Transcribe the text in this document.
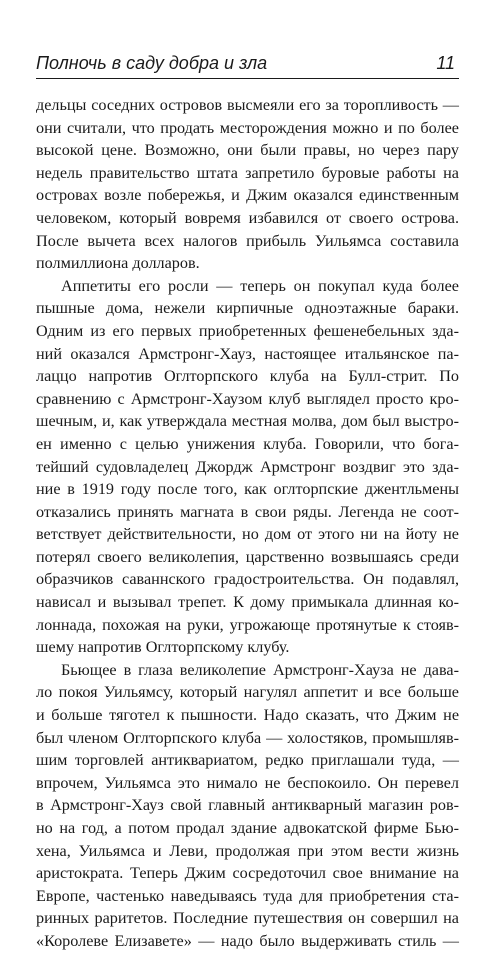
Полночь в саду добра и зла	11
дельцы соседних островов высмеяли его за торопливость —
они считали, что продать месторождения можно и по более
высокой цене. Возможно, они были правы, но через пару
недель правительство штата запретило буровые работы на
островах возле побережья, и Джим оказался единственным
человеком, который вовремя избавился от своего острова.
После вычета всех налогов прибыль Уильямса составила
полмиллиона долларов.
Аппетиты его росли — теперь он покупал куда более
пышные дома, нежели кирпичные одноэтажные бараки.
Одним из его первых приобретенных фешенебельных зда-
ний оказался Армстронг-Хауз, настоящее итальянское па-
лаццо напротив Оглторпского клуба на Булл-стрит. По
сравнению с Армстронг-Хаузом клуб выглядел просто кро-
шечным, и, как утверждала местная молва, дом был выстро-
ен именно с целью унижения клуба. Говорили, что бога-
тейший судовладелец Джордж Армстронг воздвиг это зда-
ние в 1919 году после того, как оглторпские джентльмены
отказались принять магната в свои ряды. Легенда не соот-
ветствует действительности, но дом от этого ни на йоту не
потерял своего великолепия, царственно возвышаясь среди
образчиков саваннского градостроительства. Он подавлял,
нависал и вызывал трепет. К дому примыкала длинная ко-
лоннада, похожая на руки, угрожающе протянутые к стояв-
шему напротив Оглторпскому клубу.
Бьющее в глаза великолепие Армстронг-Хауза не дава-
ло покоя Уильямсу, который нагулял аппетит и все больше
и больше тяготел к пышности. Надо сказать, что Джим не
был членом Оглторпского клуба — холостяков, промышляв-
шим торговлей антиквариатом, редко приглашали туда, —
впрочем, Уильямса это нимало не беспокоило. Он перевел
в Армстронг-Хауз свой главный антикварный магазин ров-
но на год, а потом продал здание адвокатской фирме Бью-
хена, Уильямса и Леви, продолжая при этом вести жизнь
аристократа. Теперь Джим сосредоточил свое внимание на
Европе, частенько наведываясь туда для приобретения ста-
ринных раритетов. Последние путешествия он совершил на
«Королеве Елизавете» — надо было выдерживать стиль —
